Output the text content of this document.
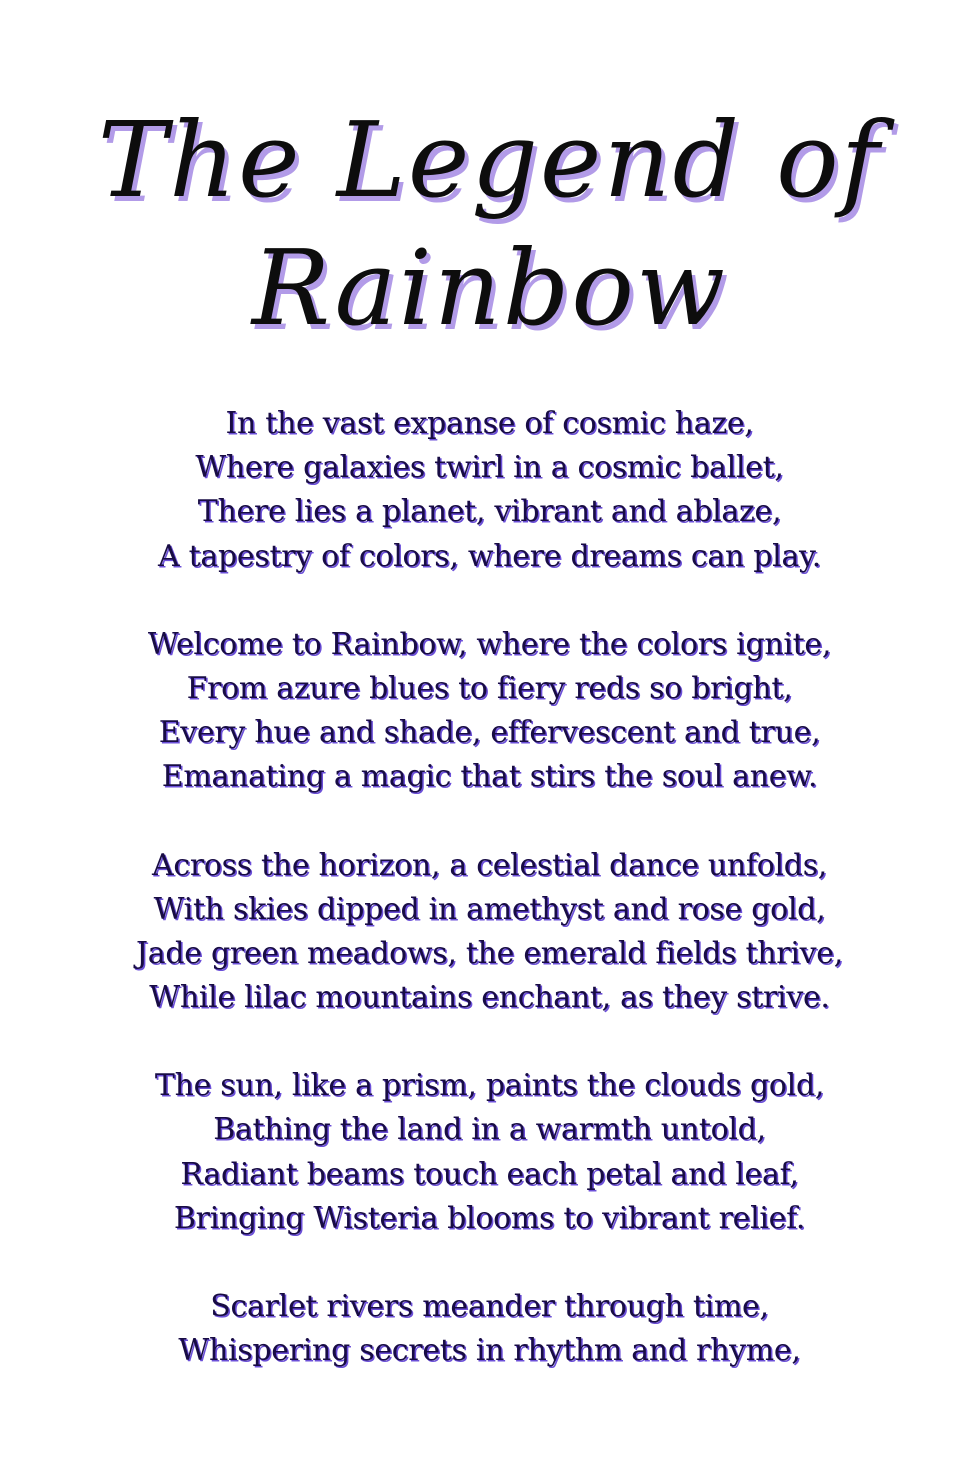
The Legend of
Rainbow
In the vast expanse of cosmic haze,
Where galaxies twirl in a cosmic ballet,
There lies a planet, vibrant and ablaze,
A tapestry of colors, where dreams can play.
Welcome to Rainbow, where the colors ignite,
From azure blues to fiery reds so bright,
Every hue and shade, effervescent and true,
Emanating a magic that stirs the soul anew.
Across the horizon, a celestial dance unfolds,
With skies dipped in amethyst and rose gold,
Jade green meadows, the emerald fields thrive,
While lilac mountains enchant, as they strive.
The sun, like a prism, paints the clouds gold,
Bathing the land in a warmth untold,
Radiant beams touch each petal and leaf,
Bringing Wisteria blooms to vibrant relief.
Scarlet rivers meander through time,
Whispering secrets in rhythm and rhyme,
